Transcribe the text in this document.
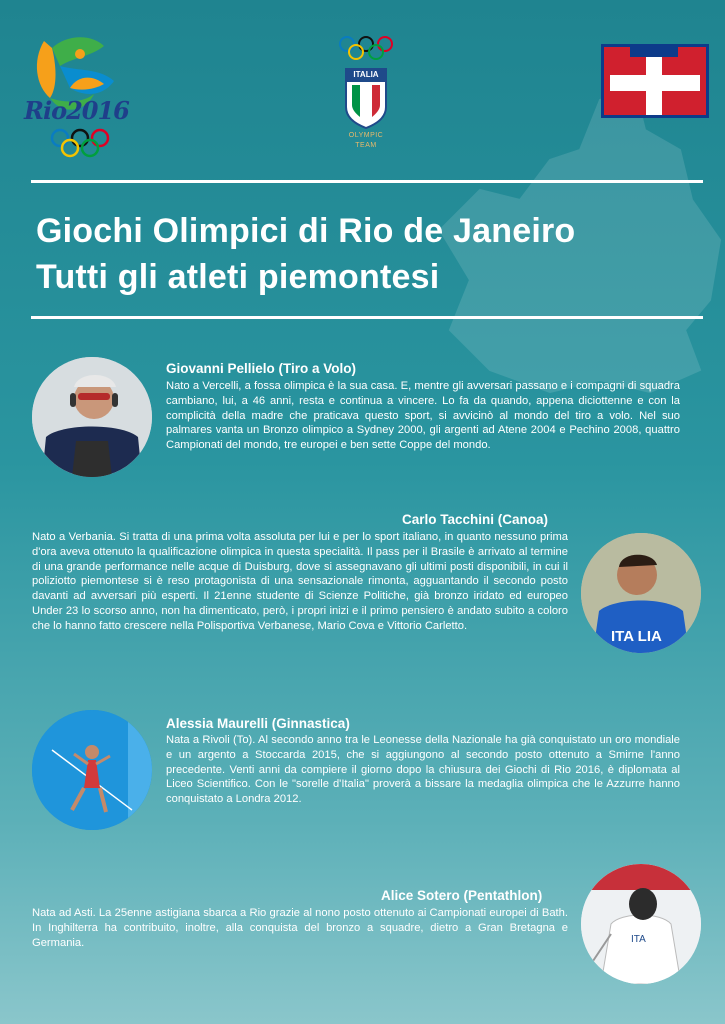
Rio2016
ITALIA
OLYMPIC
TEAM
Giochi Olimpici di Rio de Janeiro
Tutti gli atleti piemontesi
Giovanni Pellielo (Tiro a Volo)

Nato a Vercelli, a fossa olimpica è la sua casa. E, mentre gli avversari passano e i compagni di squadra cambiano, lui, a 46 anni, resta e continua a vincere. Lo fa da quando, appena diciottenne e con la complicità della madre che praticava questo sport, si avvicinò al mondo del tiro a volo. Nel suo palmares vanta un Bronzo olimpico a Sydney 2000, gli argenti ad Atene 2004 e Pechino 2008, quattro Campionati del mondo, tre europei e ben sette Coppe del mondo.

Carlo Tacchini (Canoa)

Nato a Verbania. Si tratta di una prima volta assoluta per lui e per lo sport italiano, in quanto nessuno prima d'ora aveva ottenuto la qualificazione olimpica in questa specialità. Il pass per il Brasile è arrivato al termine di una grande performance nelle acque di Duisburg, dove si assegnavano gli ultimi posti disponibili, in cui il poliziotto piemontese si è reso protagonista di una sensazionale rimonta, agguantando il secondo posto davanti ad avversari più esperti. Il 21enne studente di Scienze Politiche, già bronzo iridato ed europeo Under 23 lo scorso anno, non ha dimenticato, però, i propri inizi e il primo pensiero è andato subito a coloro che lo hanno fatto crescere nella Polisportiva Verbanese, Mario Cova e Vittorio Carletto.

ITA LIA
Alessia Maurelli (Ginnastica)

Nata a Rivoli (To). Al secondo anno tra le Leonesse della Nazionale ha già conquistato un oro mondiale e un argento a Stoccarda 2015, che si aggiungono al secondo posto ottenuto a Smirne l'anno precedente. Venti anni da compiere il giorno dopo la chiusura dei Giochi di Rio 2016, è diplomata al Liceo Scientifico. Con le "sorelle d'Italia" proverà a bissare la medaglia olimpica che le Azzurre hanno conquistato a Londra 2012.

Alice Sotero (Pentathlon)

Nata ad Asti. La 25enne astigiana sbarca a Rio grazie al nono posto ottenuto ai Campionati europei di Bath. In Inghilterra ha contribuito, inoltre, alla conquista del bronzo a squadre, dietro a Gran Bretagna e Germania.	ITA
